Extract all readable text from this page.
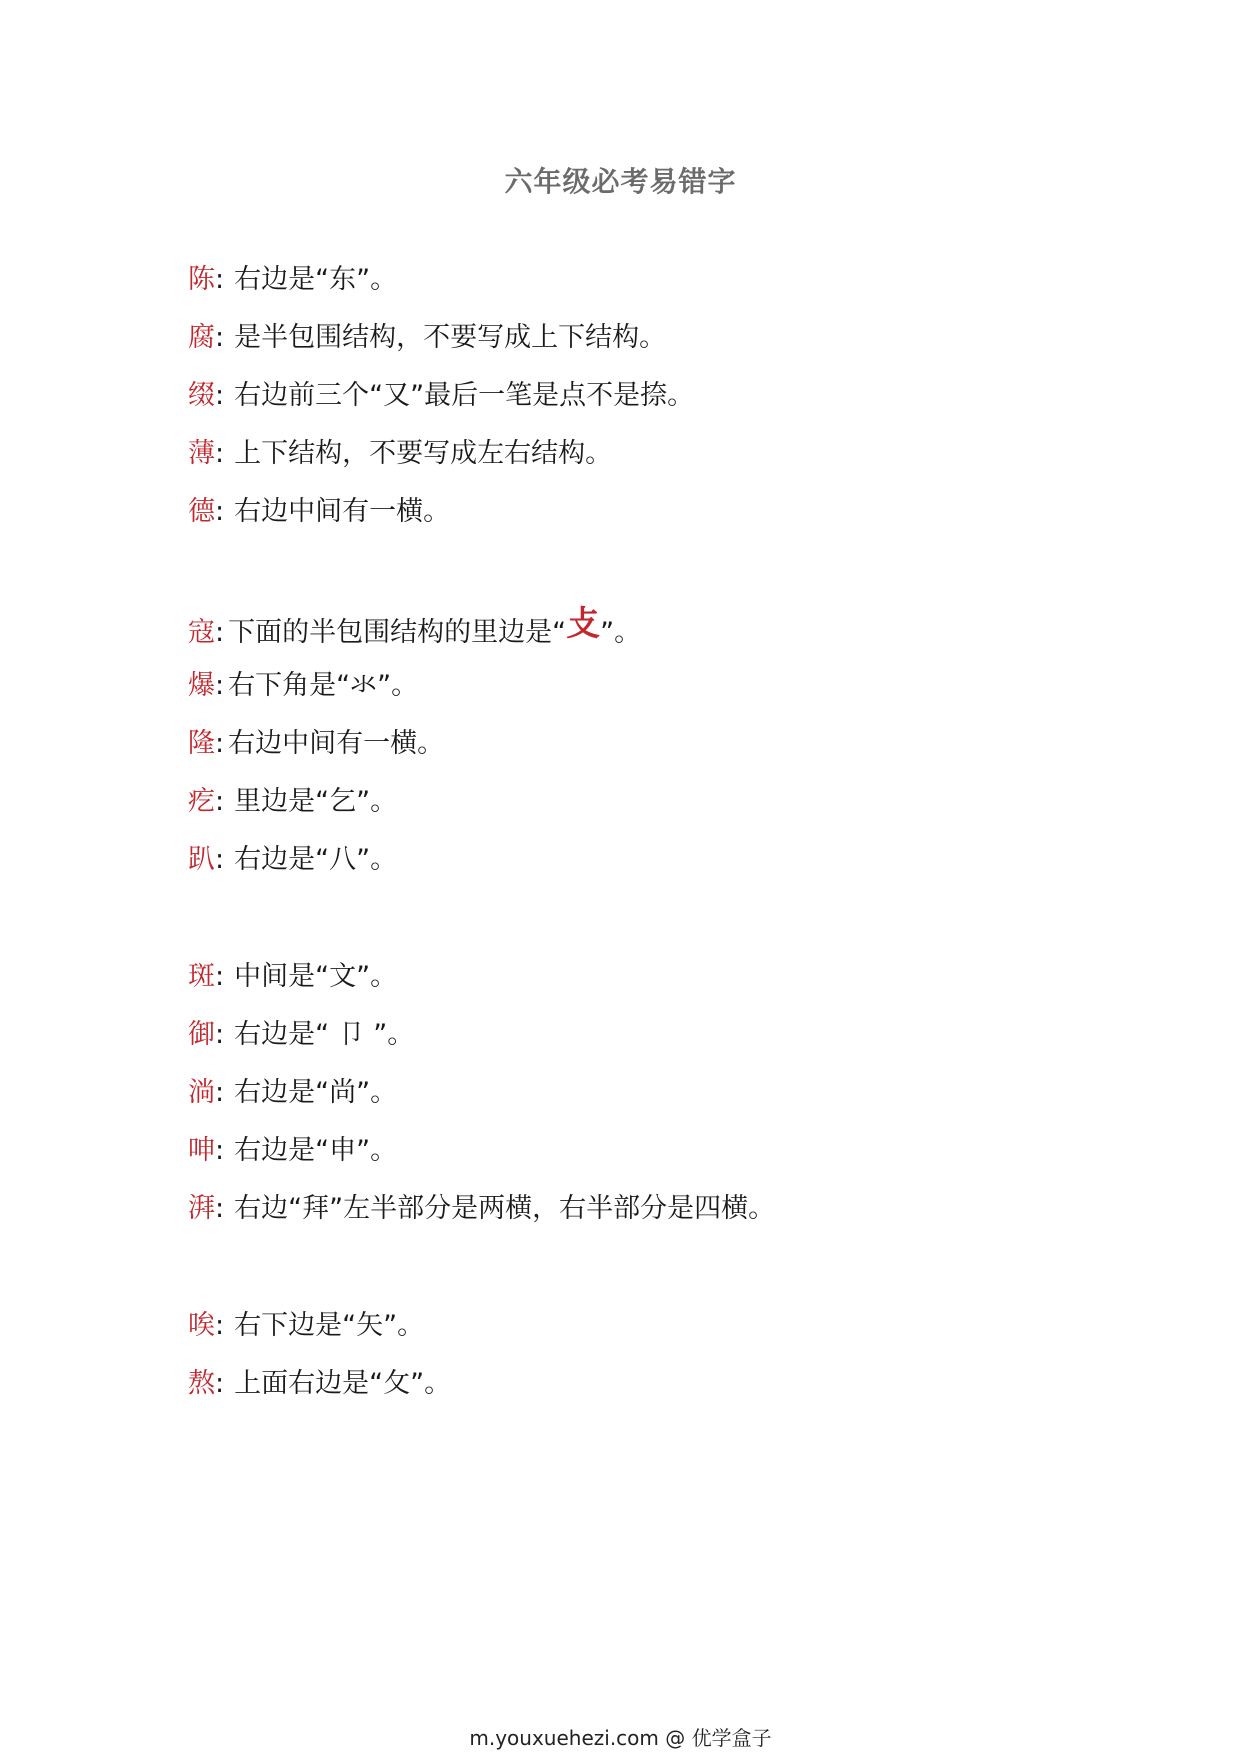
六年级必考易错字
陈: 右边是“东”。
腐: 是半包围结构，不要写成上下结构。
缀: 右边前三个“又”最后一笔是点不是捺。
薄: 上下结构，不要写成左右结构。
德: 右边中间有一横。
寇: 下面的半包围结构的里边是“攴”。
爆: 右下角是“氺”。
隆: 右边中间有一横。
疙: 里边是“乞”。
趴: 右边是“八”。
斑: 中间是“文”。
御: 右边是“ 卩 ”。
淌: 右边是“尚”。
呻: 右边是“申”。
湃: 右边“拜”左半部分是两横，右半部分是四横。
唉: 右下边是“矢”。
熬: 上面右边是“攵”。
m.youxuehezi.com @ 优学盒子
